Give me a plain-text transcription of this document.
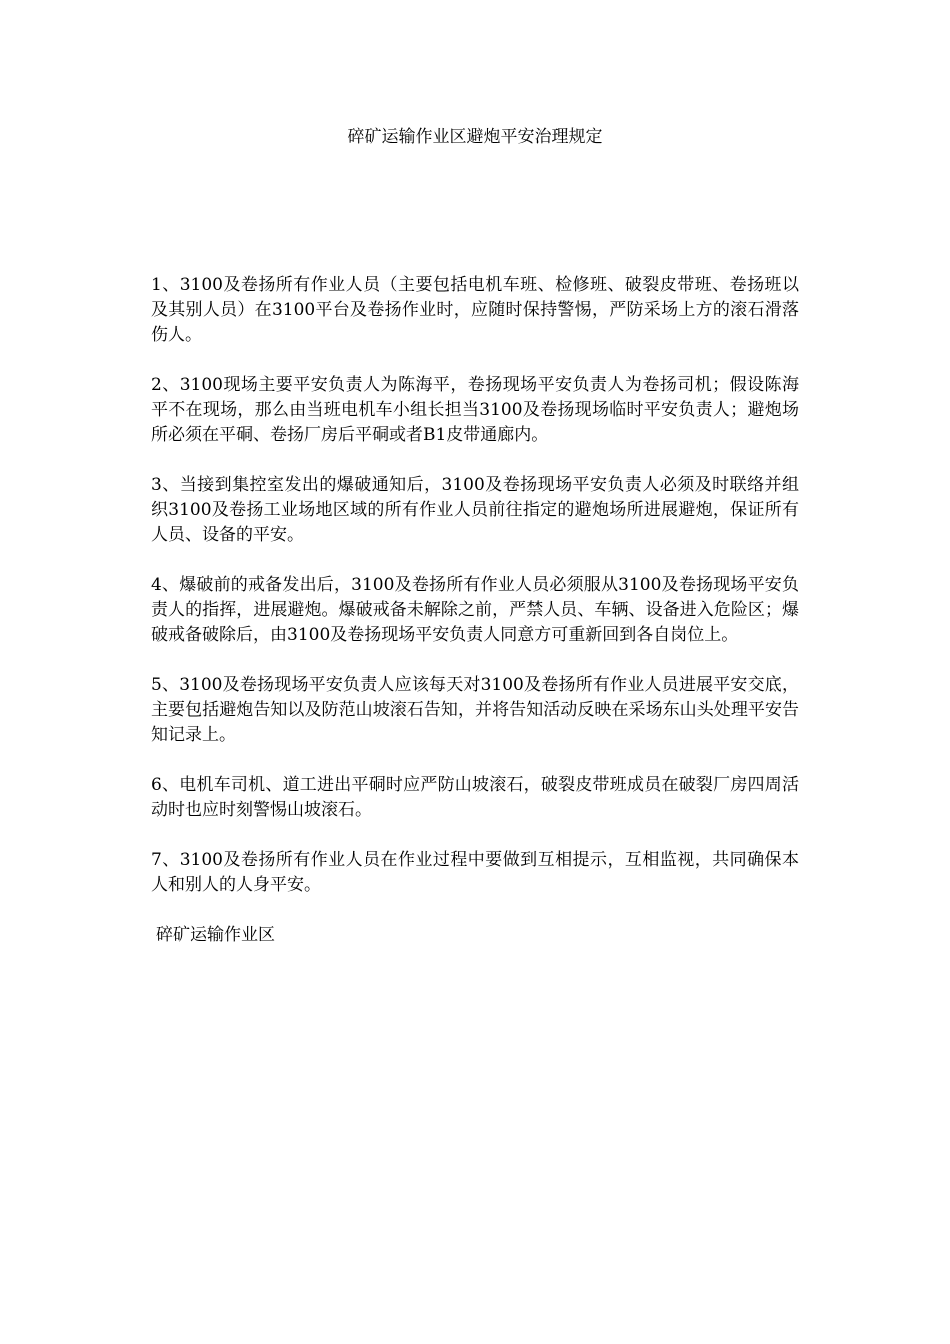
碎矿运输作业区避炮平安治理规定

1、3100及卷扬所有作业人员（主要包括电机车班、检修班、破裂皮带班、卷扬班以及其别人员）在3100平台及卷扬作业时，应随时保持警惕，严防采场上方的滚石滑落伤人。

2、3100现场主要平安负责人为陈海平，卷扬现场平安负责人为卷扬司机；假设陈海平不在现场，那么由当班电机车小组长担当3100及卷扬现场临时平安负责人；避炮场所必须在平硐、卷扬厂房后平硐或者B1皮带通廊内。

3、当接到集控室发出的爆破通知后，3100及卷扬现场平安负责人必须及时联络并组织3100及卷扬工业场地区域的所有作业人员前往指定的避炮场所进展避炮，保证所有人员、设备的平安。

4、爆破前的戒备发出后，3100及卷扬所有作业人员必须服从3100及卷扬现场平安负责人的指挥，进展避炮。爆破戒备未解除之前，严禁人员、车辆、设备进入危险区；爆破戒备破除后，由3100及卷扬现场平安负责人同意方可重新回到各自岗位上。

5、3100及卷扬现场平安负责人应该每天对3100及卷扬所有作业人员进展平安交底，主要包括避炮告知以及防范山坡滚石告知，并将告知活动反映在采场东山头处理平安告知记录上。

6、电机车司机、道工进出平硐时应严防山坡滚石，破裂皮带班成员在破裂厂房四周活动时也应时刻警惕山坡滚石。

7、3100及卷扬所有作业人员在作业过程中要做到互相提示，互相监视，共同确保本人和别人的人身平安。

碎矿运输作业区
